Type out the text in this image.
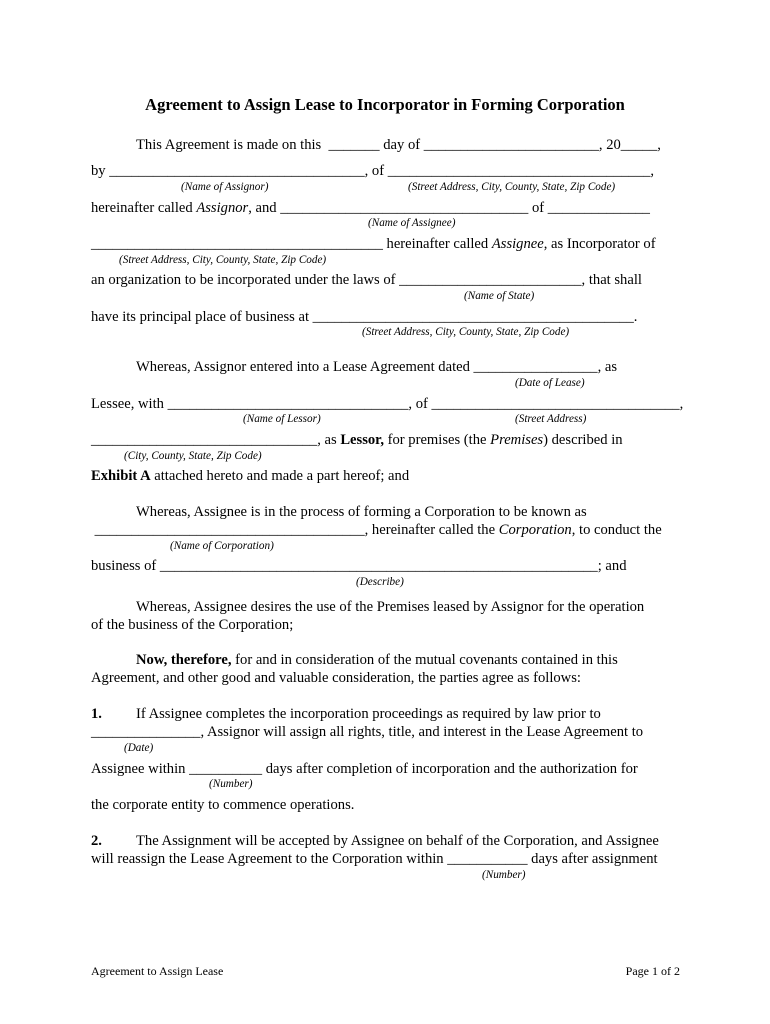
Agreement to Assign Lease to Incorporator in Forming Corporation
This Agreement is made on this  _______ day of ________________________, 20_____,
by ___________________________________, of ____________________________________,
(Name of Assignor)	(Street Address, City, County, State, Zip Code)
hereinafter called Assignor, and __________________________________ of ______________
(Name of Assignee)
________________________________________ hereinafter called Assignee, as Incorporator of
(Street Address, City, County, State, Zip Code)
an organization to be incorporated under the laws of _________________________, that shall
(Name of State)
have its principal place of business at ____________________________________________.
(Street Address, City, County, State, Zip Code)
Whereas, Assignor entered into a Lease Agreement dated _________________, as
(Date of Lease)
Lessee, with _________________________________, of __________________________________,
(Name of Lessor)	(Street Address)
_______________________________, as Lessor, for premises (the Premises) described in
(City, County, State, Zip Code)
Exhibit A attached hereto and made a part hereof; and
Whereas, Assignee is in the process of forming a Corporation to be known as
_____________________________________, hereinafter called the Corporation, to conduct the
(Name of Corporation)
business of ____________________________________________________________; and
(Describe)
Whereas, Assignee desires the use of the Premises leased by Assignor for the operation
of the business of the Corporation;
Now, therefore, for and in consideration of the mutual covenants contained in this
Agreement, and other good and valuable consideration, the parties agree as follows:
1. If Assignee completes the incorporation proceedings as required by law prior to
_______________, Assignor will assign all rights, title, and interest in the Lease Agreement to
(Date)
Assignee within __________ days after completion of incorporation and the authorization for
(Number)
the corporate entity to commence operations.
2. The Assignment will be accepted by Assignee on behalf of the Corporation, and Assignee
will reassign the Lease Agreement to the Corporation within ___________ days after assignment
(Number)
Agreement to Assign Lease	Page 1 of 2
